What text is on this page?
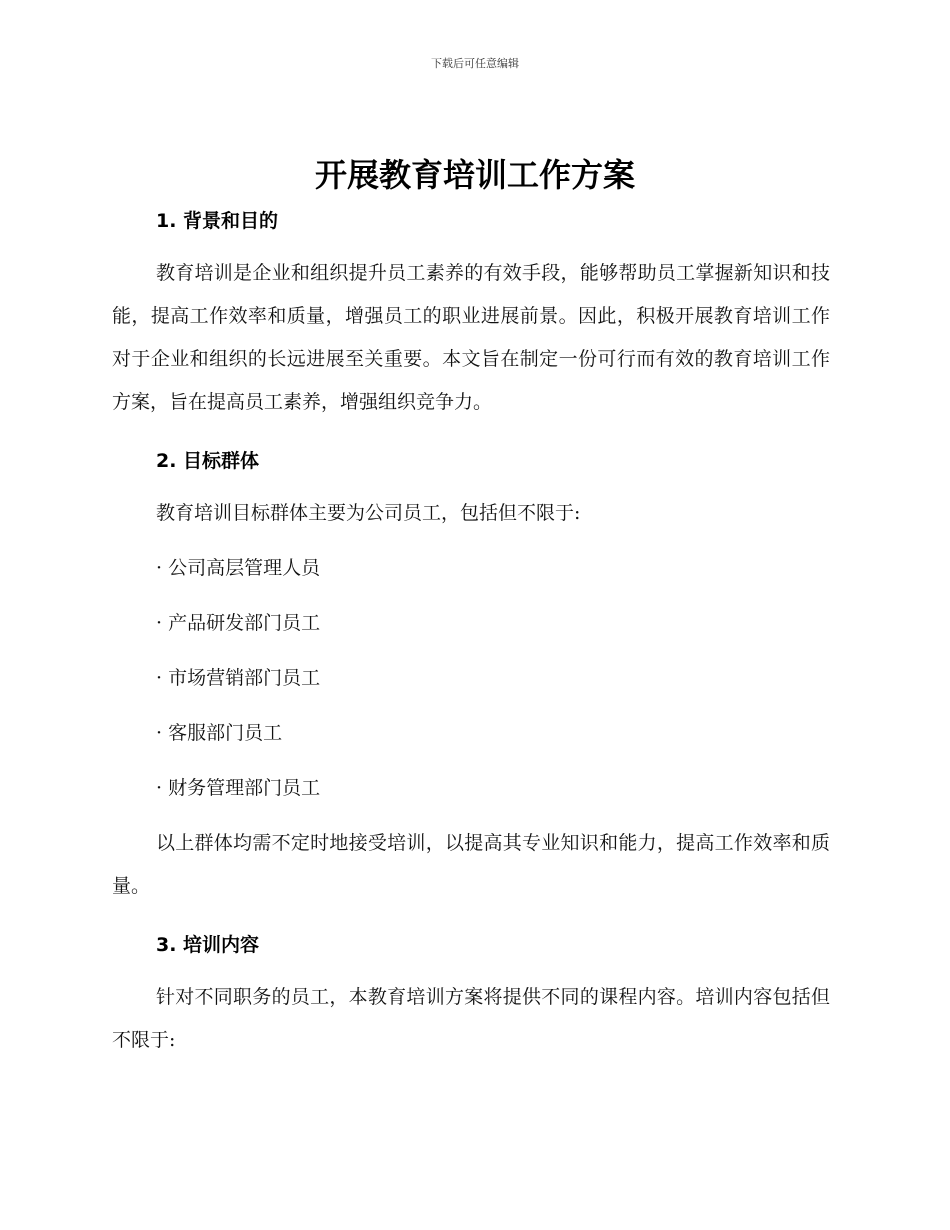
下载后可任意编辑
开展教育培训工作方案
1. 背景和目的

教育培训是企业和组织提升员工素养的有效手段，能够帮助员工掌握新知识和技能，提高工作效率和质量，增强员工的职业进展前景。因此，积极开展教育培训工作对于企业和组织的长远进展至关重要。本文旨在制定一份可行而有效的教育培训工作方案，旨在提高员工素养，增强组织竞争力。

2. 目标群体

教育培训目标群体主要为公司员工，包括但不限于:

· 公司高层管理人员

· 产品研发部门员工

· 市场营销部门员工

· 客服部门员工

· 财务管理部门员工

以上群体均需不定时地接受培训，以提高其专业知识和能力，提高工作效率和质量。

3. 培训内容

针对不同职务的员工，本教育培训方案将提供不同的课程内容。培训内容包括但不限于:
